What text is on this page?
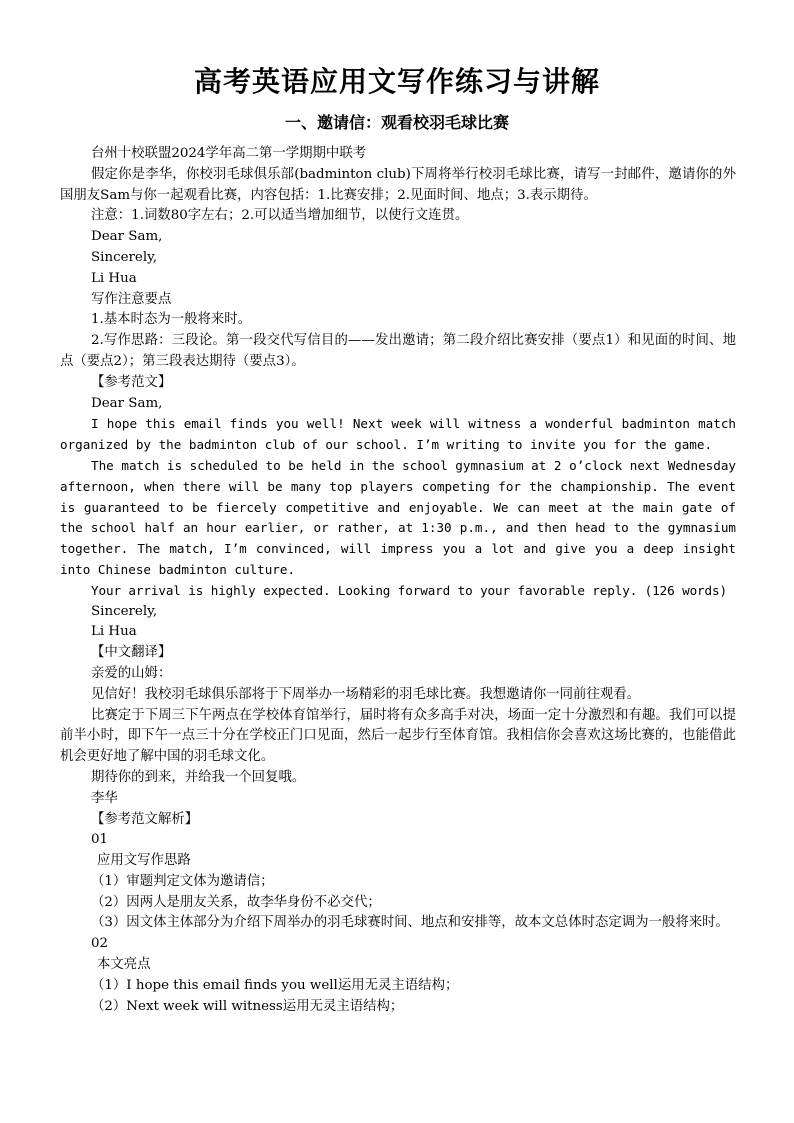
高考英语应用文写作练习与讲解
一、邀请信：观看校羽毛球比赛

台州十校联盟2024学年高二第一学期期中联考

假定你是李华，你校羽毛球俱乐部(badminton club)下周将举行校羽毛球比赛，请写一封邮件，邀请你的外国朋友Sam与你一起观看比赛，内容包括：1.比赛安排；2.见面时间、地点；3.表示期待。

注意：1.词数80字左右；2.可以适当增加细节，以使行文连贯。

Dear Sam,

Sincerely,

Li Hua

写作注意要点

1.基本时态为一般将来时。

2.写作思路：三段论。第一段交代写信目的——发出邀请；第二段介绍比赛安排（要点1）和见面的时间、地点（要点2）；第三段表达期待（要点3）。

【参考范文】

Dear Sam,

I hope this email finds you well! Next week will witness a wonderful badminton match organized by the badminton club of our school. I’m writing to invite you for the game.

The match is scheduled to be held in the school gymnasium at 2 o’clock next Wednesday afternoon, when there will be many top players competing for the championship. The event is guaranteed to be fiercely competitive and enjoyable. We can meet at the main gate of the school half an hour earlier, or rather, at 1:30 p.m., and then head to the gymnasium together. The match, I’m convinced, will impress you a lot and give you a deep insight into Chinese badminton culture.

Your arrival is highly expected. Looking forward to your favorable reply. (126 words)

Sincerely,

Li Hua

【中文翻译】

亲爱的山姆：

见信好！我校羽毛球俱乐部将于下周举办一场精彩的羽毛球比赛。我想邀请你一同前往观看。

比赛定于下周三下午两点在学校体育馆举行，届时将有众多高手对决，场面一定十分激烈和有趣。我们可以提前半小时，即下午一点三十分在学校正门口见面，然后一起步行至体育馆。我相信你会喜欢这场比赛的，也能借此机会更好地了解中国的羽毛球文化。

期待你的到来，并给我一个回复哦。

李华

【参考范文解析】

01

应用文写作思路

（1）审题判定文体为邀请信；

（2）因两人是朋友关系，故李华身份不必交代；

（3）因文体主体部分为介绍下周举办的羽毛球赛时间、地点和安排等，故本文总体时态定调为一般将来时。

02

本文亮点

（1）I hope this email finds you well运用无灵主语结构；

（2）Next week will witness运用无灵主语结构；
